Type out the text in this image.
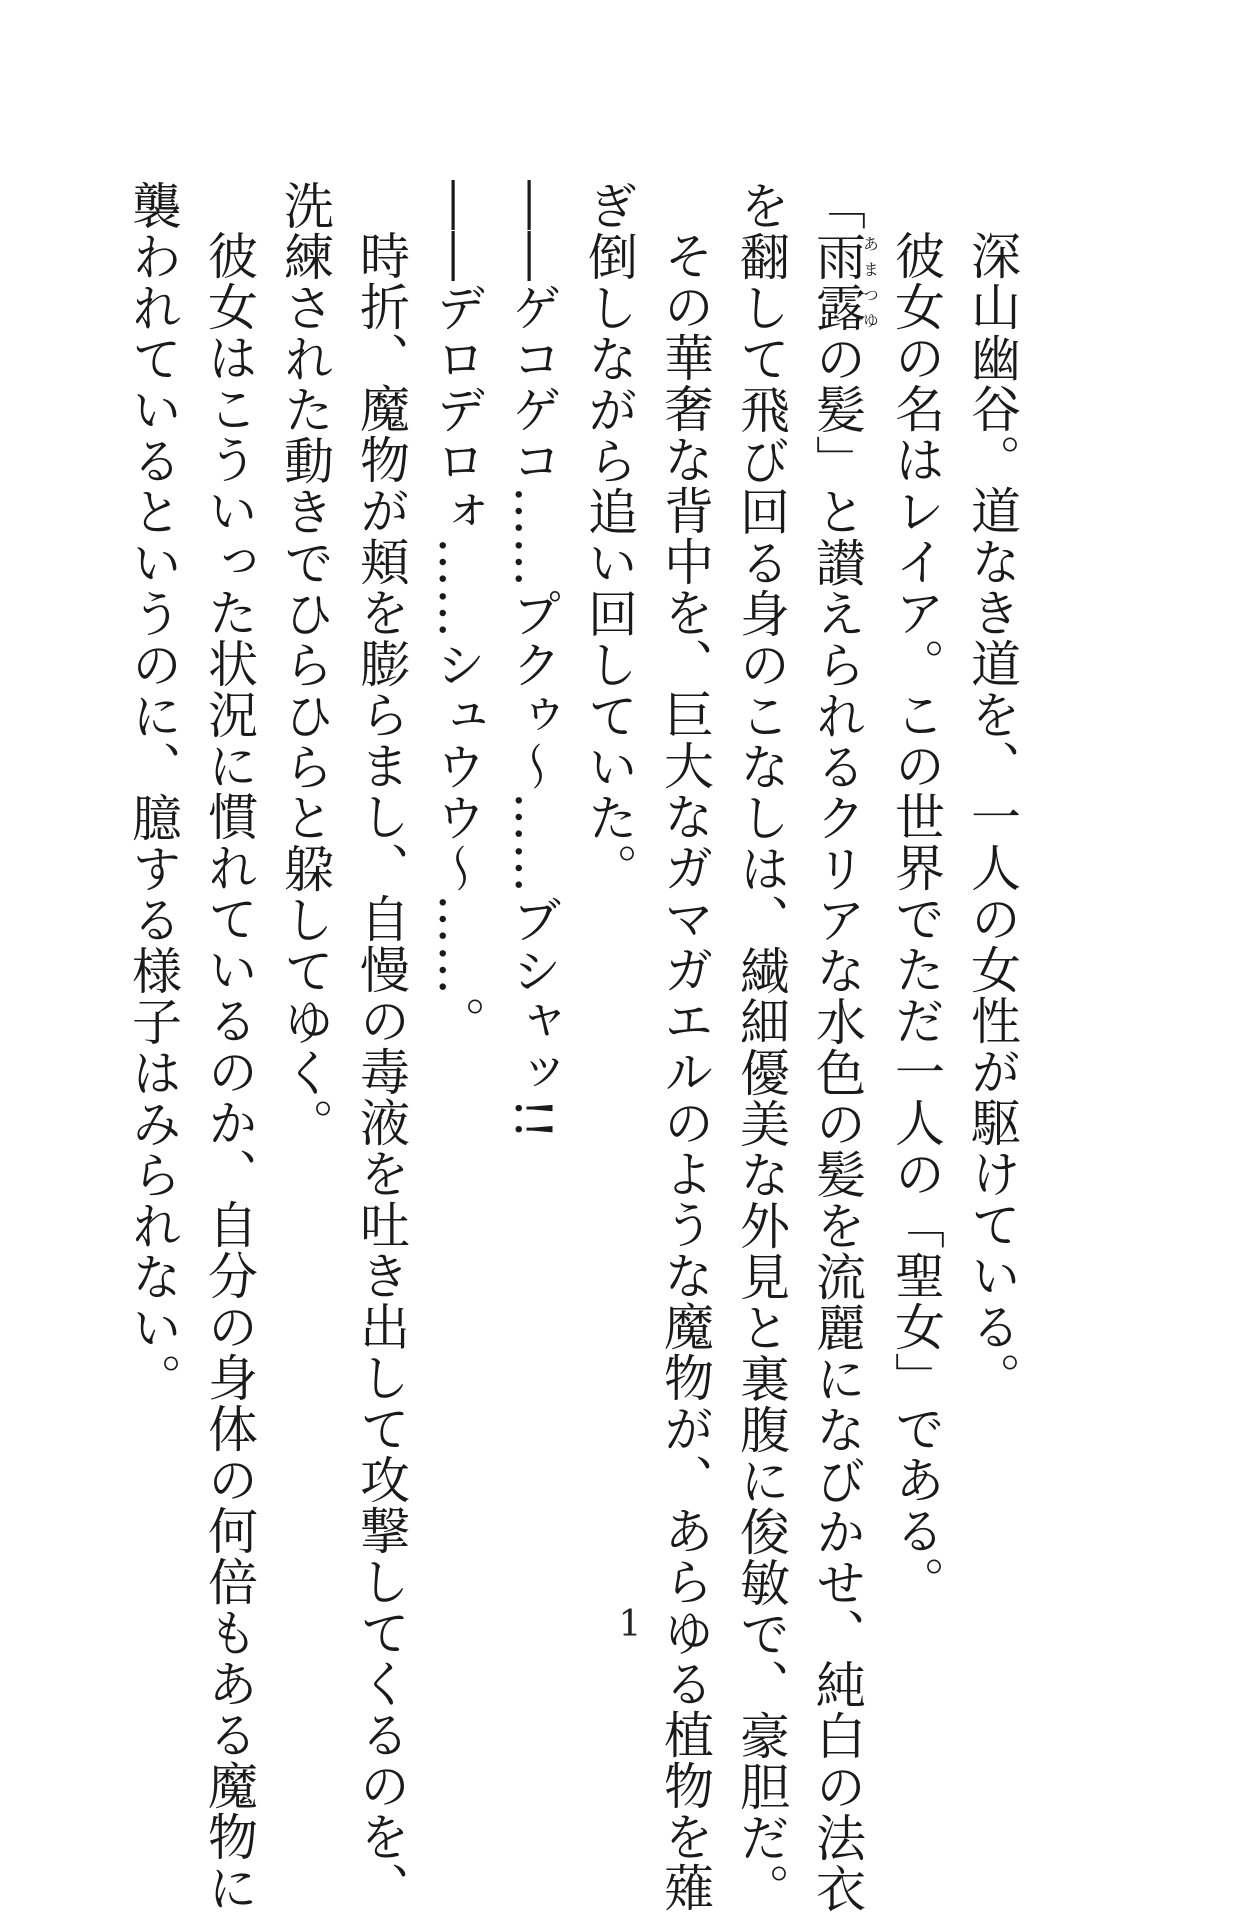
深山幽谷。道なき道を、一人の女性が駆けている。
彼女の名はレイア。この世界でただ一人の「聖女」である。
「雨露あまつゆの髪」と讃えられるクリアな水色の髪を流麗になびかせ、純白の法衣
を翻して飛び回る身のこなしは、繊細優美な外見と裏腹に俊敏で、豪胆だ。
その華奢な背中を、巨大なガマガエルのような魔物が、あらゆる植物を薙
ぎ倒しながら追い回していた。
――ゲコゲコ……プクゥ～……ブシャッ!!
――デロデロォ……シュウウ～……。
時折、魔物が頬を膨らまし、自慢の毒液を吐き出して攻撃してくるのを、
洗練された動きでひらひらと躱してゆく。
彼女はこういった状況に慣れているのか、自分の身体の何倍もある魔物に
襲われているというのに、臆する様子はみられない。
1
